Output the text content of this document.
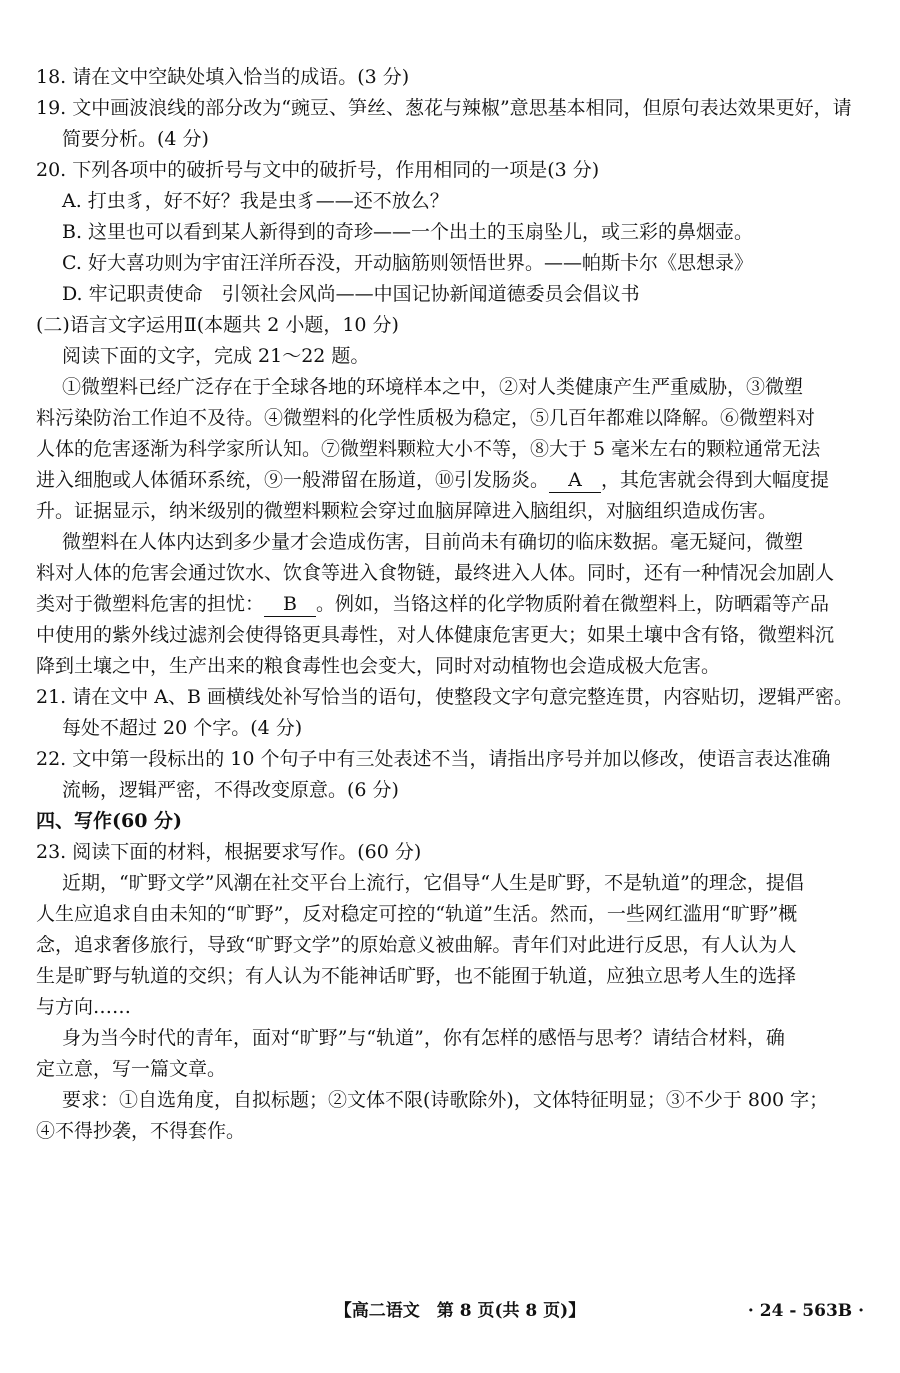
18. 请在文中空缺处填入恰当的成语。(3 分)
19. 文中画波浪线的部分改为“豌豆、笋丝、葱花与辣椒”意思基本相同，但原句表达效果更好，请
简要分析。(4 分)
20. 下列各项中的破折号与文中的破折号，作用相同的一项是(3 分)
A. 打虫豸，好不好？我是虫豸——还不放么？
B. 这里也可以看到某人新得到的奇珍——一个出土的玉扇坠儿，或三彩的鼻烟壶。
C. 好大喜功则为宇宙汪洋所吞没，开动脑筋则领悟世界。——帕斯卡尔《思想录》
D. 牢记职责使命　引领社会风尚——中国记协新闻道德委员会倡议书
(二)语言文字运用Ⅱ(本题共 2 小题，10 分)
阅读下面的文字，完成 21～22 题。
①微塑料已经广泛存在于全球各地的环境样本之中，②对人类健康产生严重威胁，③微塑
料污染防治工作迫不及待。④微塑料的化学性质极为稳定，⑤几百年都难以降解。⑥微塑料对
人体的危害逐渐为科学家所认知。⑦微塑料颗粒大小不等，⑧大于 5 毫米左右的颗粒通常无法
进入细胞或人体循环系统，⑨一般滞留在肠道，⑩引发肠炎。 A ，其危害就会得到大幅度提
升。证据显示，纳米级别的微塑料颗粒会穿过血脑屏障进入脑组织，对脑组织造成伤害。
微塑料在人体内达到多少量才会造成伤害，目前尚未有确切的临床数据。毫无疑问，微塑
料对人体的危害会通过饮水、饮食等进入食物链，最终进入人体。同时，还有一种情况会加剧人
类对于微塑料危害的担忧： B 。例如，当铬这样的化学物质附着在微塑料上，防晒霜等产品
中使用的紫外线过滤剂会使得铬更具毒性，对人体健康危害更大；如果土壤中含有铬，微塑料沉
降到土壤之中，生产出来的粮食毒性也会变大，同时对动植物也会造成极大危害。
21. 请在文中 A、B 画横线处补写恰当的语句，使整段文字句意完整连贯，内容贴切，逻辑严密。
每处不超过 20 个字。(4 分)
22. 文中第一段标出的 10 个句子中有三处表述不当，请指出序号并加以修改，使语言表达准确
流畅，逻辑严密，不得改变原意。(6 分)
四、写作(60 分)
23. 阅读下面的材料，根据要求写作。(60 分)
近期，“旷野文学”风潮在社交平台上流行，它倡导“人生是旷野，不是轨道”的理念，提倡
人生应追求自由未知的“旷野”，反对稳定可控的“轨道”生活。然而，一些网红滥用“旷野”概
念，追求奢侈旅行，导致“旷野文学”的原始意义被曲解。青年们对此进行反思，有人认为人
生是旷野与轨道的交织；有人认为不能神话旷野，也不能囿于轨道，应独立思考人生的选择
与方向……
身为当今时代的青年，面对“旷野”与“轨道”，你有怎样的感悟与思考？请结合材料，确
定立意，写一篇文章。
要求：①自选角度，自拟标题；②文体不限(诗歌除外)，文体特征明显；③不少于 800 字；
④不得抄袭，不得套作。
【高二语文　第 8 页(共 8 页)】	· 24 - 563B ·
